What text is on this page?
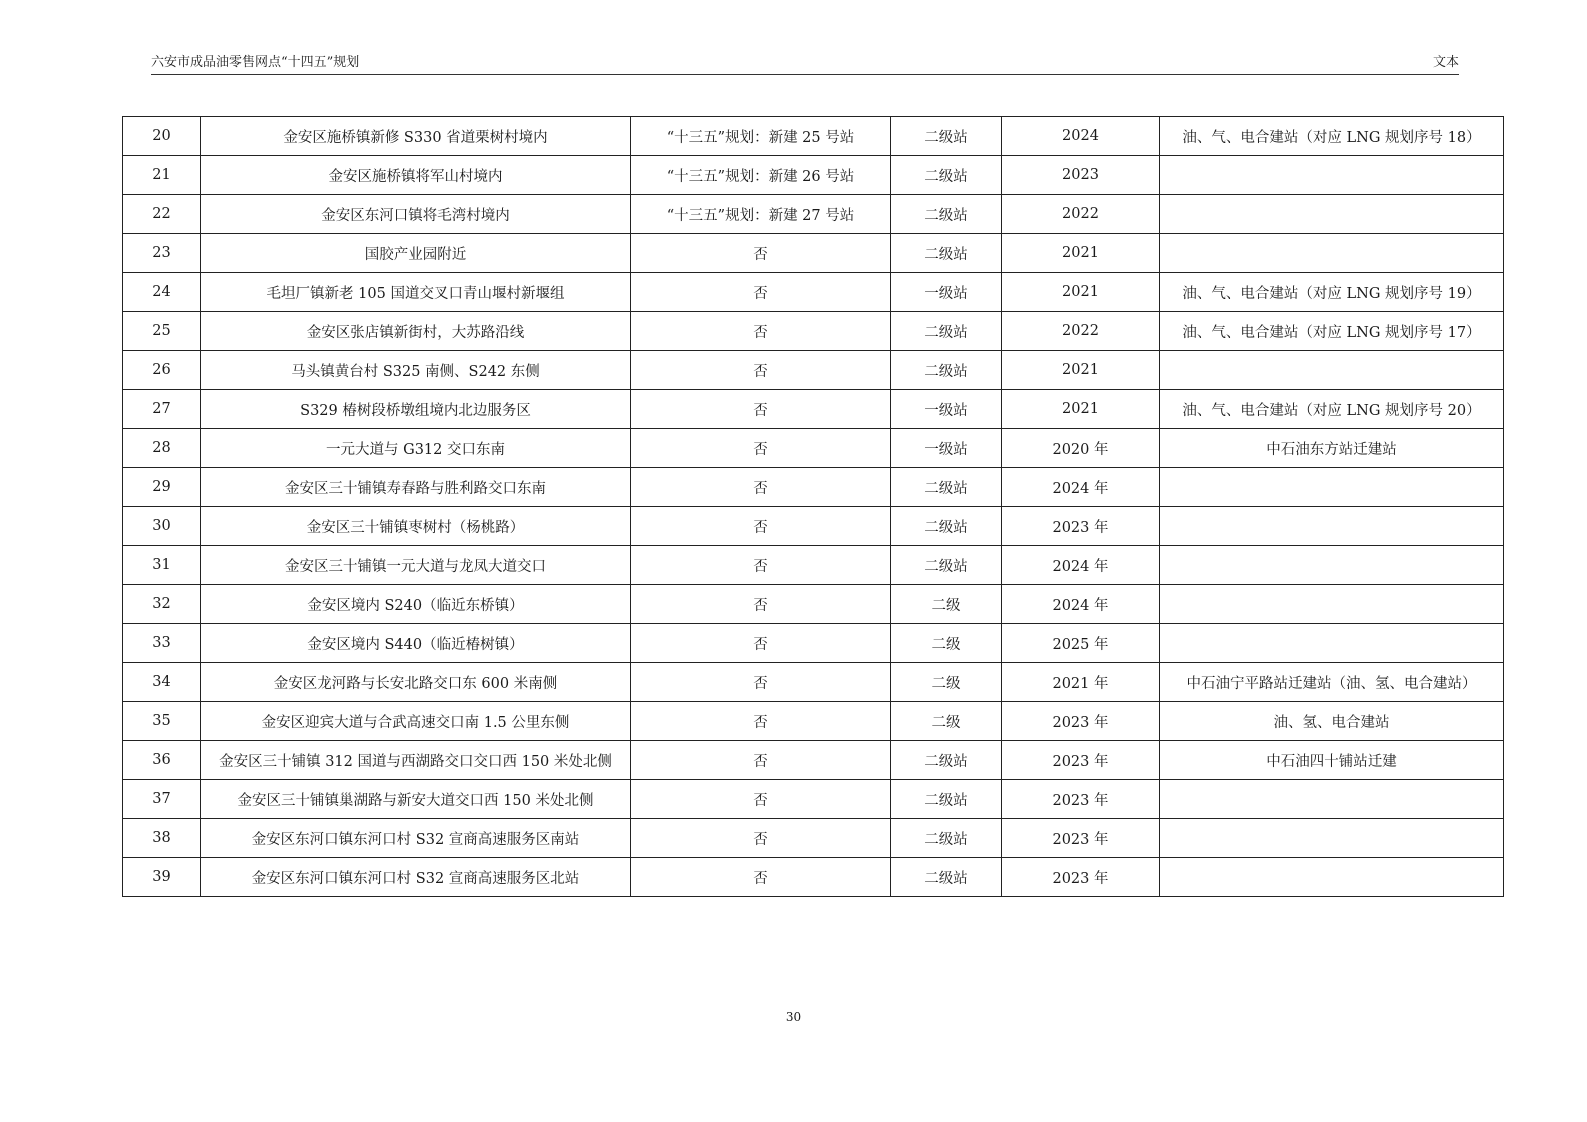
六安市成品油零售网点“十四五”规划	文本
20	金安区施桥镇新修 S330 省道栗树村境内	“十三五”规划：新建 25 号站	二级站	2024	油、气、电合建站（对应 LNG 规划序号 18）
21	金安区施桥镇将军山村境内	“十三五”规划：新建 26 号站	二级站	2023	
22	金安区东河口镇将毛湾村境内	“十三五”规划：新建 27 号站	二级站	2022	
23	国胶产业园附近	否	二级站	2021	
24	毛坦厂镇新老 105 国道交叉口青山堰村新堰组	否	一级站	2021	油、气、电合建站（对应 LNG 规划序号 19）
25	金安区张店镇新街村，大苏路沿线	否	二级站	2022	油、气、电合建站（对应 LNG 规划序号 17）
26	马头镇黄台村 S325 南侧、S242 东侧	否	二级站	2021	
27	S329 椿树段桥墩组境内北边服务区	否	一级站	2021	油、气、电合建站（对应 LNG 规划序号 20）
28	一元大道与 G312 交口东南	否	一级站	2020 年	中石油东方站迁建站
29	金安区三十铺镇寿春路与胜利路交口东南	否	二级站	2024 年	
30	金安区三十铺镇枣树村（杨桃路）	否	二级站	2023 年	
31	金安区三十铺镇一元大道与龙凤大道交口	否	二级站	2024 年	
32	金安区境内 S240（临近东桥镇）	否	二级	2024 年	
33	金安区境内 S440（临近椿树镇）	否	二级	2025 年	
34	金安区龙河路与长安北路交口东 600 米南侧	否	二级	2021 年	中石油宁平路站迁建站（油、氢、电合建站）
35	金安区迎宾大道与合武高速交口南 1.5 公里东侧	否	二级	2023 年	油、氢、电合建站
36	金安区三十铺镇 312 国道与西湖路交口交口西 150 米处北侧	否	二级站	2023 年	中石油四十铺站迁建
37	金安区三十铺镇巢湖路与新安大道交口西 150 米处北侧	否	二级站	2023 年	
38	金安区东河口镇东河口村 S32 宣商高速服务区南站	否	二级站	2023 年	
39	金安区东河口镇东河口村 S32 宣商高速服务区北站	否	二级站	2023 年	
30
